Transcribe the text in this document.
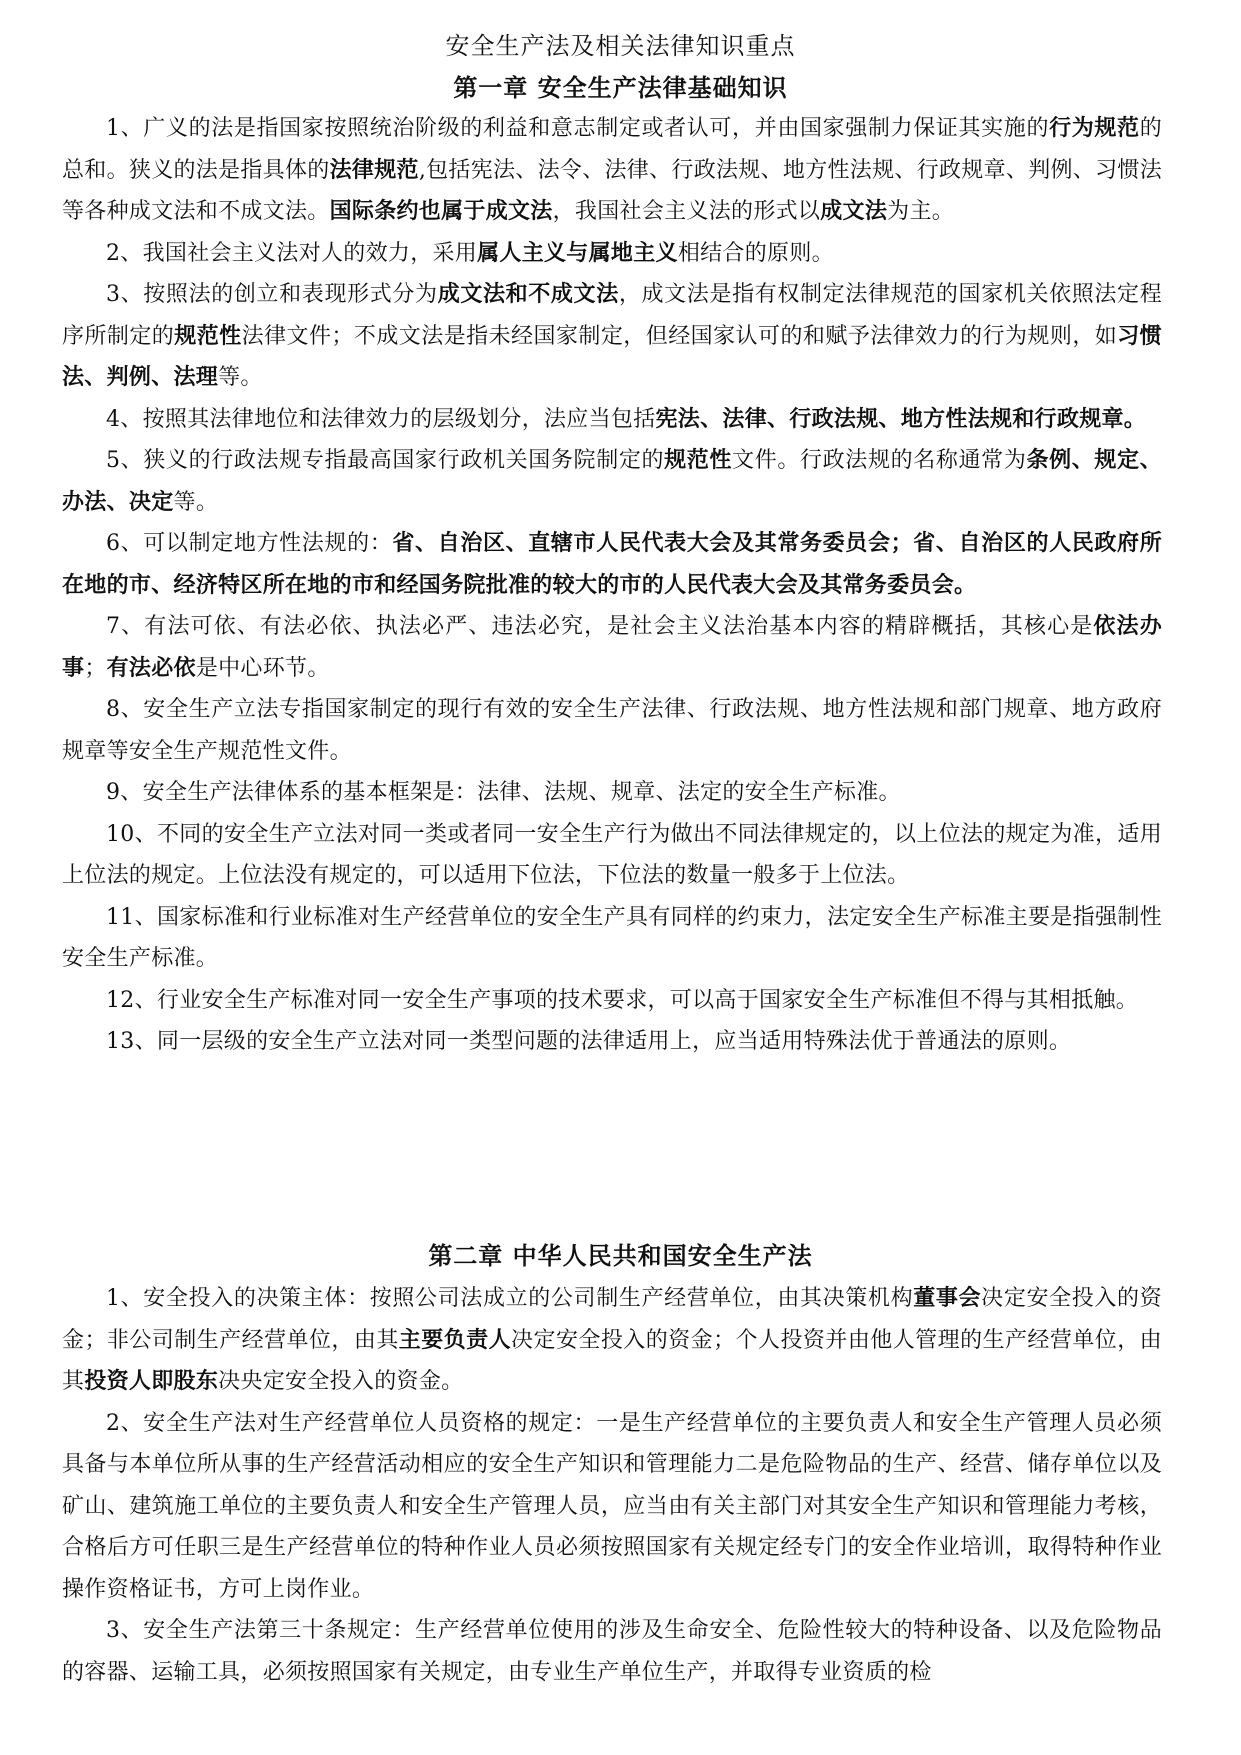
安全生产法及相关法律知识重点
第一章 安全生产法律基础知识

1、广义的法是指国家按照统治阶级的利益和意志制定或者认可，并由国家强制力保证其实施的行为规范的总和。狭义的法是指具体的法律规范,包括宪法、法令、法律、行政法规、地方性法规、行政规章、判例、习惯法等各种成文法和不成文法。国际条约也属于成文法，我国社会主义法的形式以成文法为主。

2、我国社会主义法对人的效力，采用属人主义与属地主义相结合的原则。

3、按照法的创立和表现形式分为成文法和不成文法，成文法是指有权制定法律规范的国家机关依照法定程序所制定的规范性法律文件；不成文法是指未经国家制定，但经国家认可的和赋予法律效力的行为规则，如习惯法、判例、法理等。

4、按照其法律地位和法律效力的层级划分，法应当包括宪法、法律、行政法规、地方性法规和行政规章。

5、狭义的行政法规专指最高国家行政机关国务院制定的规范性文件。行政法规的名称通常为条例、规定、办法、决定等。

6、可以制定地方性法规的：省、自治区、直辖市人民代表大会及其常务委员会；省、自治区的人民政府所在地的市、经济特区所在地的市和经国务院批准的较大的市的人民代表大会及其常务委员会。

7、有法可依、有法必依、执法必严、违法必究，是社会主义法治基本内容的精辟概括，其核心是依法办事；有法必依是中心环节。

8、安全生产立法专指国家制定的现行有效的安全生产法律、行政法规、地方性法规和部门规章、地方政府规章等安全生产规范性文件。

9、安全生产法律体系的基本框架是：法律、法规、规章、法定的安全生产标准。

10、不同的安全生产立法对同一类或者同一安全生产行为做出不同法律规定的，以上位法的规定为准，适用上位法的规定。上位法没有规定的，可以适用下位法，下位法的数量一般多于上位法。

11、国家标准和行业标准对生产经营单位的安全生产具有同样的约束力，法定安全生产标准主要是指强制性安全生产标准。

12、行业安全生产标准对同一安全生产事项的技术要求，可以高于国家安全生产标准但不得与其相抵触。

13、同一层级的安全生产立法对同一类型问题的法律适用上，应当适用特殊法优于普通法的原则。

第二章 中华人民共和国安全生产法

1、安全投入的决策主体：按照公司法成立的公司制生产经营单位，由其决策机构董事会决定安全投入的资金；非公司制生产经营单位，由其主要负责人决定安全投入的资金；个人投资并由他人管理的生产经营单位，由其投资人即股东决央定安全投入的资金。

2、安全生产法对生产经营单位人员资格的规定：一是生产经营单位的主要负责人和安全生产管理人员必须具备与本单位所从事的生产经营活动相应的安全生产知识和管理能力二是危险物品的生产、经营、储存单位以及矿山、建筑施工单位的主要负责人和安全生产管理人员，应当由有关主部门对其安全生产知识和管理能力考核，合格后方可任职三是生产经营单位的特种作业人员必须按照国家有关规定经专门的安全作业培训，取得特种作业操作资格证书，方可上岗作业。

3、安全生产法第三十条规定：生产经营单位使用的涉及生命安全、危险性较大的特种设备、以及危险物品的容器、运输工具，必须按照国家有关规定，由专业生产单位生产，并取得专业资质的检
